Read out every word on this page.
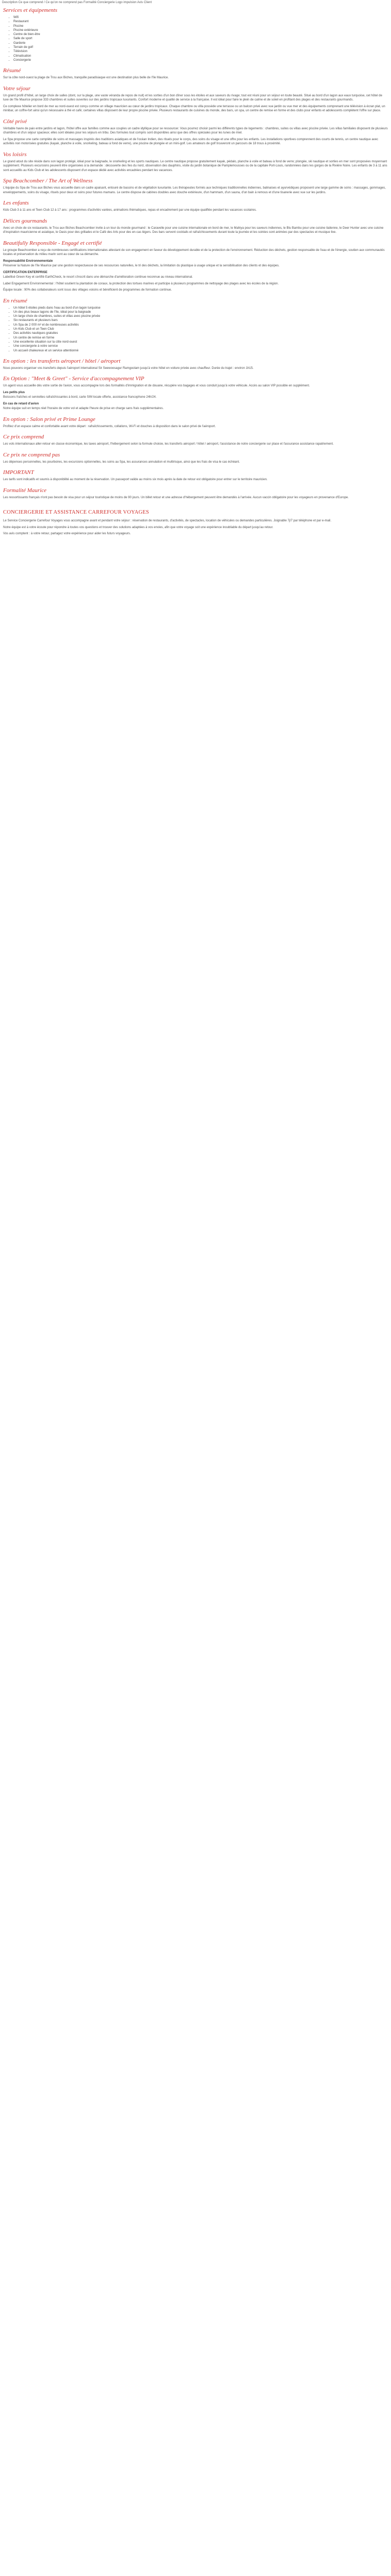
Description Ce que comprend / Ce qu'on ne comprend pas Formalité Conciergerie Logo impulsion Avis Client
Services et équipements
• Wifi
• Restaurant
• Piscine
• Piscine extérieure
• Centre de bien-être
• Salle de sport
• Garderie
• Terrain de golf
• Télévision
• Climatisation
• Conciergerie
Résumé

Sur la côte nord-ouest la plage de Trou aux Biches, tranquille paradisiaque est une destination plus belle de l'île Maurice.

Votre séjour

Un grand profil d'hôtel, un large choix de salles (dont, sur la plage, une vaste véranda de repos de nuit) et les sorties d'un bon dîner sous les étoiles et aux saveurs du rivage; tout est réuni pour un séjour en toute beauté. Situé au bord d'un lagon aux eaux turquoise, cet hôtel de luxe de l'île Maurice propose 333 chambres et suites ouvertes sur des jardins tropicaux luxuriants. Confort moderne et qualité de service à la française. Il est idéal pour faire le plein de calme et de soleil en profitant des plages et des restaurants gourmands.

Ce complexe hôtelier en bord de mer au nord-ouest est conçu comme un village mauricien au cœur de jardins tropicaux. Chaque chambre ou villa possède une terrasse ou un balcon privé avec vue jardin ou vue mer et des équipements comprenant une télévision à écran plat, un minibar, un coffre-fort ainsi qu'un nécessaire à thé et café; certaines villas disposent de leur propre piscine privée. Plusieurs restaurants de cuisines du monde, des bars, un spa, un centre de remise en forme et des clubs pour enfants et adolescents complètent l'offre sur place.

Côté privé

Véritable havre de paix entre jardins et lagon, l'hôtel offre aux familles comme aux couples un cadre idyllique pour se ressourcer. Vous pourrez choisir parmi les différents types de logements : chambres, suites ou villas avec piscine privée. Les villas familiales disposent de plusieurs chambres et d'un séjour spacieux; elles sont idéales pour les séjours en tribu. Des formules tout compris sont disponibles ainsi que des offres spéciales pour les lunes de miel.

Le Spa propose une carte complète de soins et massages inspirés des traditions asiatiques et de l'océan Indien, des rituels pour le corps, des soins du visage et une offre pour les enfants. Les installations sportives comprennent des courts de tennis, un centre nautique avec activités non motorisées gratuites (kayak, planche à voile, snorkeling, bateau à fond de verre), une piscine de plongée et un mini-golf. Les amateurs de golf trouveront un parcours de 18 trous à proximité.

Vos loisirs

Le grand atout du site réside dans son lagon protégé, idéal pour la baignade, le snorkeling et les sports nautiques. Le centre nautique propose gratuitement kayak, pédalo, planche à voile et bateau à fond de verre; plongée, ski nautique et sorties en mer sont proposées moyennant supplément. Plusieurs excursions peuvent être organisées à la demande : découverte des îles du nord, observation des dauphins, visite du jardin botanique de Pamplemousses ou de la capitale Port-Louis, randonnées dans les gorges de la Rivière Noire. Les enfants de 3 à 11 ans sont accueillis au Kids Club et les adolescents disposent d'un espace dédié avec activités encadrées pendant les vacances.

Spa Beachcomber / The Art of Wellness

L'équipe du Spa de Trou aux Biches vous accueille dans un cadre apaisant, entouré de bassins et de végétation luxuriante. Les thérapeutes formés aux techniques traditionnelles indiennes, balinaises et ayurvédiques proposent une large gamme de soins : massages, gommages, enveloppements, soins du visage, rituels pour deux et soins pour futures mamans. Le centre dispose de cabines doubles avec douche extérieure, d'un hammam, d'un sauna, d'un bain à remous et d'une tisanerie avec vue sur les jardins.

Les enfants

Kids Club 3 à 11 ans et Teen Club 12 à 17 ans : programmes d'activités variées, animations thématiques, repas et encadrement par une équipe qualifiée pendant les vacances scolaires.

Délices gourmands

Avec un choix de six restaurants, le Trou aux Biches Beachcomber invite à un tour du monde gourmand : le Caravelle pour une cuisine internationale en bord de mer, le Mahiya pour les saveurs indiennes, le Blu Bambu pour une cuisine italienne, le Deer Hunter avec une cuisine d'inspiration mauricienne et asiatique, le Oasis pour des grillades et le Café des Arts pour des en-cas légers. Des bars servent cocktails et rafraîchissements durant toute la journée et les soirées sont animées par des spectacles et musique live.

Beautifully Responsible - Engagé et certifié

Le groupe Beachcomber a reçu de nombreuses certifications internationales attestant de son engagement en faveur du développement durable et de la protection de l'environnement. Réduction des déchets, gestion responsable de l'eau et de l'énergie, soutien aux communautés locales et préservation du milieu marin sont au cœur de sa démarche.

Responsabilité Environnementale

Préserver la Nature de l'île Maurice par une gestion respectueuse de ses ressources naturelles, le tri des déchets, la limitation du plastique à usage unique et la sensibilisation des clients et des équipes.

CERTIFICATION ENTERPRISE

Labellisé Green Key et certifié EarthCheck, le resort s'inscrit dans une démarche d'amélioration continue reconnue au niveau international.

Label Engagement Environnemental : l'hôtel soutient la plantation de coraux, la protection des tortues marines et participe à plusieurs programmes de nettoyage des plages avec les écoles de la région.

Équipe locale : 90% des collaborateurs sont issus des villages voisins et bénéficient de programmes de formation continue.

En résumé
• Un hôtel 5 étoiles pieds dans l'eau au bord d'un lagon turquoise
• Un des plus beaux lagons de l'île, idéal pour la baignade
• Un large choix de chambres, suites et villas avec piscine privée
• Six restaurants et plusieurs bars
• Un Spa de 2 000 m² et de nombreuses activités
• Un Kids Club et un Teen Club
• Des activités nautiques gratuites
• Un centre de remise en forme
• Une excellente situation sur la côte nord-ouest
• Une conciergerie à votre service
• Un accueil chaleureux et un service attentionné
En option : les transferts aéroport / hôtel / aéroport

Nous pouvons organiser vos transferts depuis l'aéroport international Sir Seewoosagur Ramgoolam jusqu'à votre hôtel en voiture privée avec chauffeur. Durée du trajet : environ 1h15.

En Option : "Meet & Greet" - Service d'accompagnement VIP

Un agent vous accueille dès votre sortie de l'avion, vous accompagne lors des formalités d'immigration et de douane, récupère vos bagages et vous conduit jusqu'à votre véhicule. Accès au salon VIP possible en supplément.

Les petits plus

Boissons fraîches et serviettes rafraîchissantes à bord, carte SIM locale offerte, assistance francophone 24h/24.

En cas de retard d'avion

Notre équipe suit en temps réel l'horaire de votre vol et adapte l'heure de prise en charge sans frais supplémentaires.

En option : Salon privé et Prime Lounge

Profitez d'un espace calme et confortable avant votre départ : rafraîchissements, collations, Wi-Fi et douches à disposition dans le salon privé de l'aéroport.

Ce prix comprend

Les vols internationaux aller-retour en classe économique, les taxes aéroport, l'hébergement selon la formule choisie, les transferts aéroport / hôtel / aéroport, l'assistance de notre conciergerie sur place et l'assurance assistance rapatriement.

Ce prix ne comprend pas

Les dépenses personnelles, les pourboires, les excursions optionnelles, les soins au Spa, les assurances annulation et multirisque, ainsi que les frais de visa le cas échéant.

IMPORTANT

Les tarifs sont indicatifs et soumis à disponibilité au moment de la réservation. Un passeport valide au moins six mois après la date de retour est obligatoire pour entrer sur le territoire mauricien.

Formalité Maurice

Les ressortissants français n'ont pas besoin de visa pour un séjour touristique de moins de 90 jours. Un billet retour et une adresse d'hébergement peuvent être demandés à l'arrivée. Aucun vaccin obligatoire pour les voyageurs en provenance d'Europe.

CONCIERGERIE ET ASSISTANCE CARREFOUR VOYAGES

Le Service Conciergerie Carrefour Voyages vous accompagne avant et pendant votre séjour : réservation de restaurants, d'activités, de spectacles, location de véhicules ou demandes particulières. Joignable 7j/7 par téléphone et par e-mail.

Notre équipe est à votre écoute pour répondre à toutes vos questions et trouver des solutions adaptées à vos envies, afin que votre voyage soit une expérience inoubliable du départ jusqu'au retour.

Vos avis comptent : à votre retour, partagez votre expérience pour aider les futurs voyageurs.
